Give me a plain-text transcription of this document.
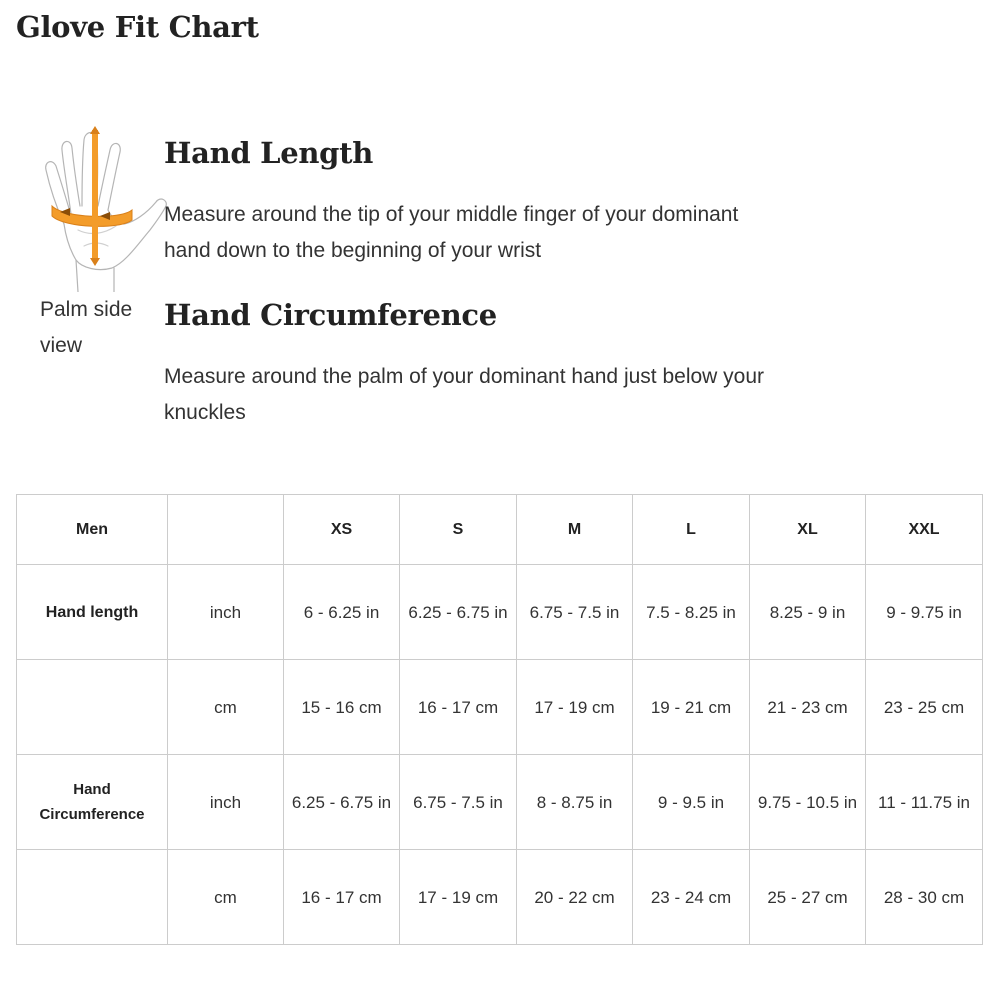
Glove Fit Chart
Palm side view
Hand Length

Measure around the tip of your middle finger of your dominant hand down to the beginning of your wrist

Hand Circumference

Measure around the palm of your dominant hand just below your knuckles

Men		XS	S	M	L	XL	XXL
Hand length	inch	6 - 6.25 in	6.25 - 6.75 in	6.75 - 7.5 in	7.5 - 8.25 in	8.25 - 9 in	9 - 9.75 in
	cm	15 - 16 cm	16 - 17 cm	17 - 19 cm	19 - 21 cm	21 - 23 cm	23 - 25 cm
Hand Circumference	inch	6.25 - 6.75 in	6.75 - 7.5 in	8 - 8.75 in	9 - 9.5 in	9.75 - 10.5 in	11 - 11.75 in
	cm	16 - 17 cm	17 - 19 cm	20 - 22 cm	23 - 24 cm	25 - 27 cm	28 - 30 cm
